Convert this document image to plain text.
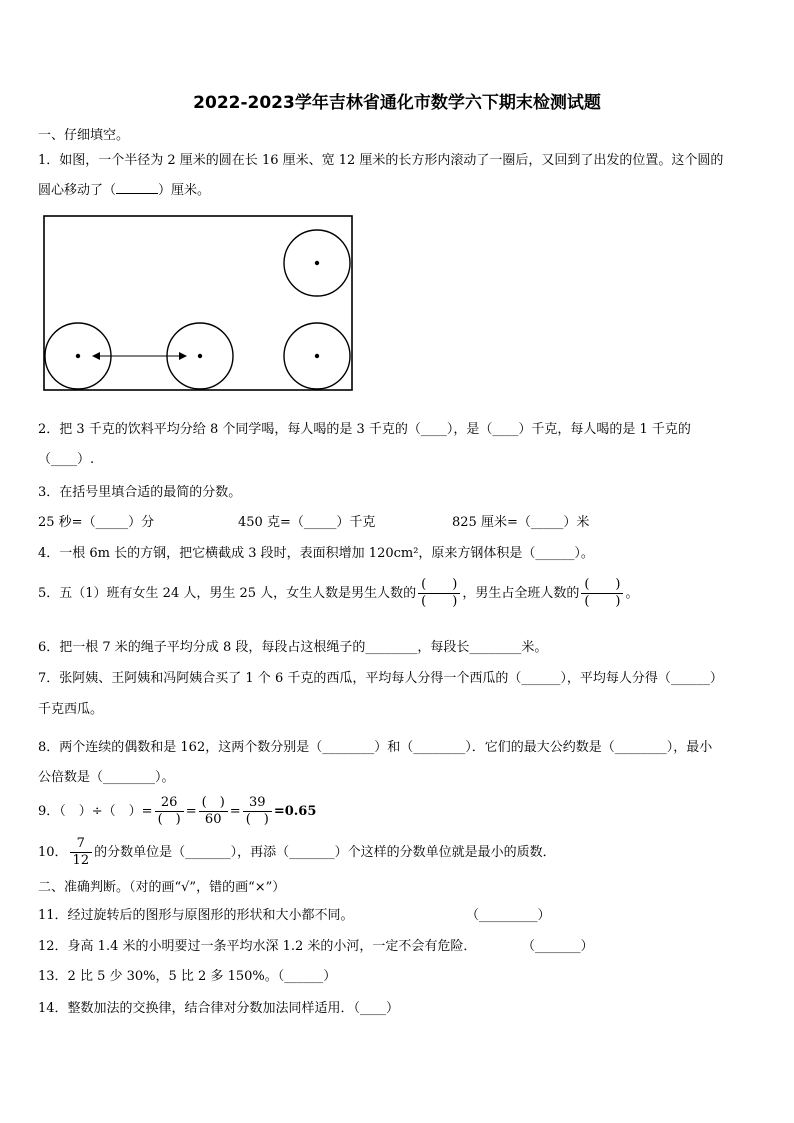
2022-2023学年吉林省通化市数学六下期末检测试题
一、仔细填空。
1．如图，一个半径为 2 厘米的圆在长 16 厘米、宽 12 厘米的长方形内滚动了一圈后，又回到了出发的位置。这个圆的
圆心移动了（	）厘米。
2．把 3 千克的饮料平均分给 8 个同学喝，每人喝的是 3 千克的（____），是（____）千克，每人喝的是 1 千克的
（____）.
3．在括号里填合适的最简的分数。
25 秒=（_____）分	450 克=（_____）千克	825 厘米=（_____）米
4．一根 6m 长的方钢，把它横截成 3 段时，表面积增加 120cm²，原来方钢体积是（______）。
5．五（1）班有女生 24 人，男生 25 人，女生人数是男生人数的 $\frac{( )}{( )}$ ，男生占全班人数的 $\frac{( )}{( )}$ 。
6．把一根 7 米的绳子平均分成 8 段，每段占这根绳子的________，每段长________米。
7．张阿姨、王阿姨和冯阿姨合买了 1 个 6 千克的西瓜，平均每人分得一个西瓜的（______），平均每人分得（______）
千克西瓜。
8．两个连续的偶数和是 162，这两个数分别是（________）和（________）．它们的最大公约数是（________），最小
公倍数是（________）。
9．（　）÷（　）= $\frac{26}{( )} = \frac{( )}{60} = \frac{39}{( )} =0.65$
10． $\frac{7}{12}$ 的分数单位是（_______），再添（_______）个这样的分数单位就是最小的质数．
二、准确判断。（对的画“√”，错的画“×”）
11．经过旋转后的图形与原图形的形状和大小都不同。	（_________）
12．身高 1.4 米的小明要过一条平均水深 1.2 米的小河，一定不会有危险．	（_______）
13．2 比 5 少 30%，5 比 2 多 150%。（______）
14．整数加法的交换律，结合律对分数加法同样适用．（____）
